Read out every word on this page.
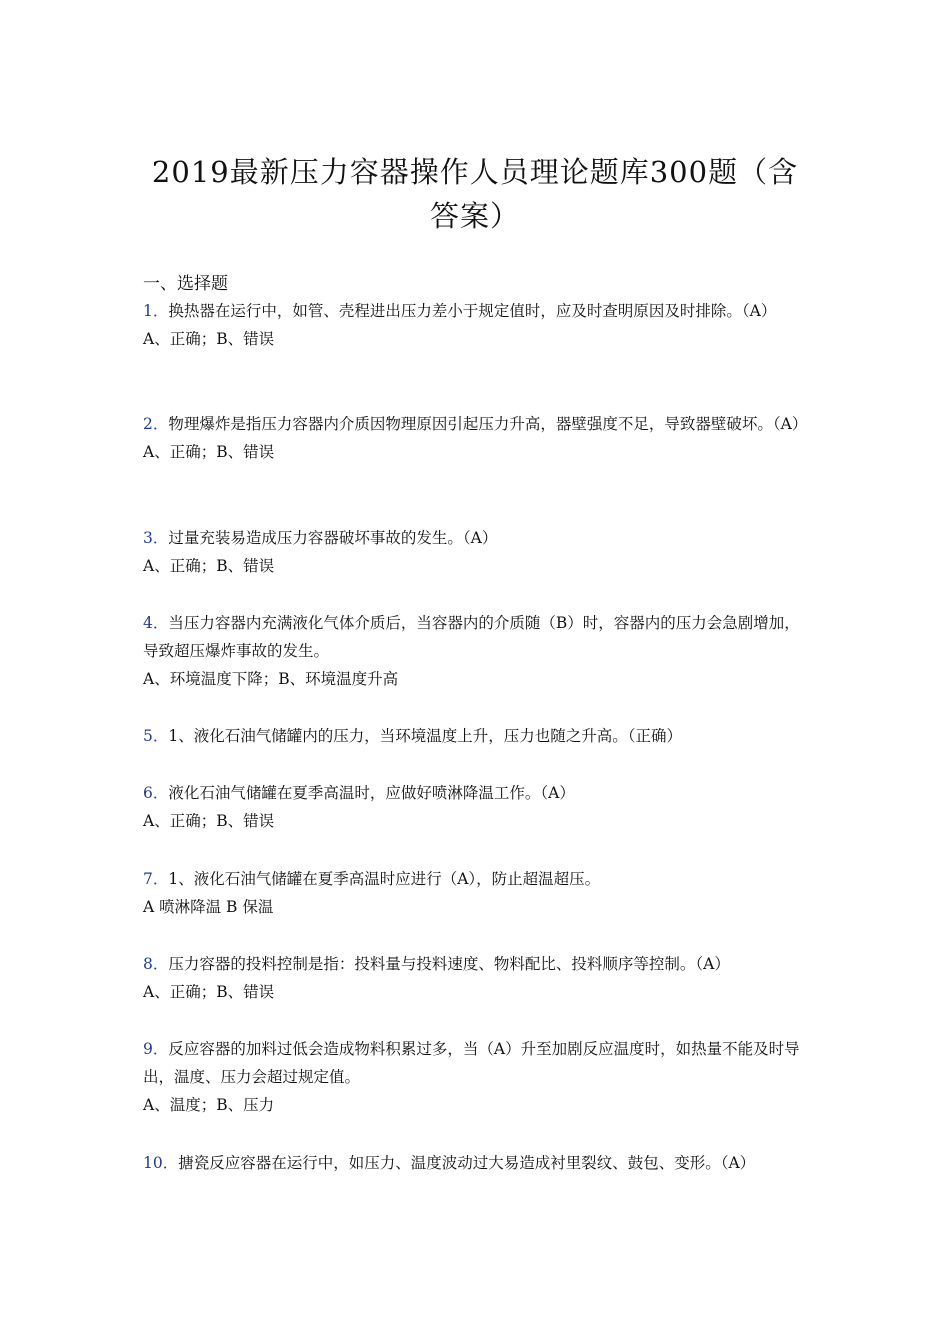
2019最新压力容器操作人员理论题库300题（含答案）
一、选择题

1．换热器在运行中，如管、壳程进出压力差小于规定值时，应及时查明原因及时排除。（A）

A、正确；B、错误

2．物理爆炸是指压力容器内介质因物理原因引起压力升高，器壁强度不足，导致器壁破坏。（A）

A、正确；B、错误

3．过量充装易造成压力容器破坏事故的发生。（A）

A、正确；B、错误

4．当压力容器内充满液化气体介质后，当容器内的介质随（B）时，容器内的压力会急剧增加，导致超压爆炸事故的发生。

A、环境温度下降；B、环境温度升高

5．1、液化石油气储罐内的压力，当环境温度上升，压力也随之升高。（正确）

6．液化石油气储罐在夏季高温时，应做好喷淋降温工作。（A）

A、正确；B、错误

7．1、液化石油气储罐在夏季高温时应进行（A），防止超温超压。

A 喷淋降温 B 保温

8．压力容器的投料控制是指：投料量与投料速度、物料配比、投料顺序等控制。（A）

A、正确；B、错误

9．反应容器的加料过低会造成物料积累过多，当（A）升至加剧反应温度时，如热量不能及时导出，温度、压力会超过规定值。

A、温度；B、压力

10．搪瓷反应容器在运行中，如压力、温度波动过大易造成衬里裂纹、鼓包、变形。（A）
